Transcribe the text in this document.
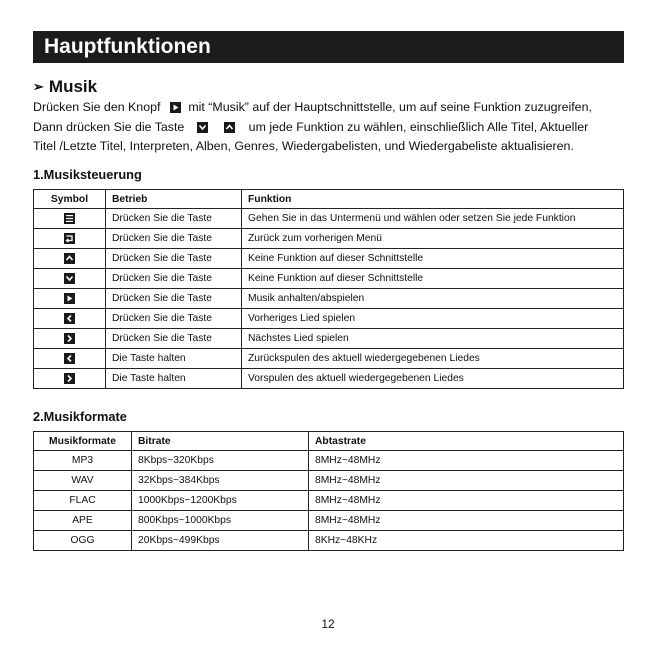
Hauptfunktionen
➢ Musik
Drücken Sie den Knopf mit “Musik” auf der Hauptschnittstelle, um auf seine Funktion zuzugreifen,
Dann drücken Sie die Taste
	um jede Funktion zu wählen, einschließlich Alle Titel, Aktueller
Titel /Letzte Titel, Interpreten, Alben, Genres, Wiedergabelisten, und Wiedergabeliste aktualisieren.
1.Musiksteuerung
Symbol	Betrieb	Funktion

	Drücken Sie die Taste	Gehen Sie in das Untermenü und wählen oder setzen Sie jede Funktion

	Drücken Sie die Taste	Zurück zum vorherigen Menü

	Drücken Sie die Taste	Keine Funktion auf dieser Schnittstelle

	Drücken Sie die Taste	Keine Funktion auf dieser Schnittstelle

	Drücken Sie die Taste	Musik anhalten/abspielen

	Drücken Sie die Taste	Vorheriges Lied spielen

	Drücken Sie die Taste	Nächstes Lied spielen

	Die Taste halten	Zurückspulen des aktuell wiedergegebenen Liedes

	Die Taste halten	Vorspulen des aktuell wiedergegebenen Liedes
2.Musikformate
Musikformate	Bitrate	Abtastrate
MP3	8Kbps~320Kbps	8MHz~48MHz
WAV	32Kbps~384Kbps	8MHz~48MHz
FLAC	1000Kbps~1200Kbps	8MHz~48MHz
APE	800Kbps~1000Kbps	8MHz~48MHz
OGG	20Kbps~499Kbps	8KHz~48KHz
12
